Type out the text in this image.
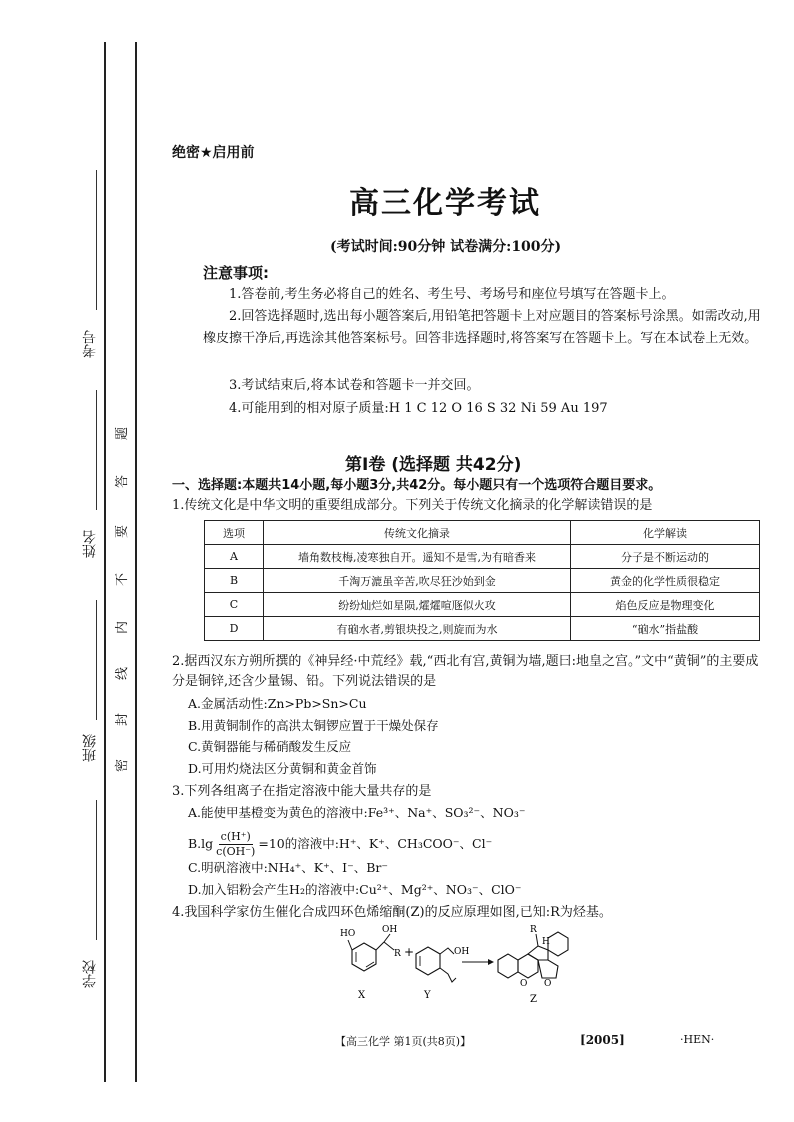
考号
姓名
班级
学校
题
答
要
不
内
线
封
密
绝密★启用前
高三化学考试
(考试时间:90分钟 试卷满分:100分)
注意事项:
1.答卷前,考生务必将自己的姓名、考生号、考场号和座位号填写在答题卡上。
2.回答选择题时,选出每小题答案后,用铅笔把答题卡上对应题目的答案标号涂黑。如需改动,用橡皮擦干净后,再选涂其他答案标号。回答非选择题时,将答案写在答题卡上。写在本试卷上无效。
3.考试结束后,将本试卷和答题卡一并交回。
4.可能用到的相对原子质量:H 1 C 12 O 16 S 32 Ni 59 Au 197
第Ⅰ卷 (选择题 共42分)
一、选择题:本题共14小题,每小题3分,共42分。每小题只有一个选项符合题目要求。
1.传统文化是中华文明的重要组成部分。下列关于传统文化摘录的化学解读错误的是
选项	传统文化摘录	化学解读
A	墙角数枝梅,凌寒独自开。遥知不是雪,为有暗香来	分子是不断运动的
B	千淘万漉虽辛苦,吹尽狂沙始到金	黄金的化学性质很稳定
C	纷纷灿烂如星陨,㸌㸌喧豗似火攻	焰色反应是物理变化
D	有硇水者,剪银块投之,则旋而为水	“硇水”指盐酸
2.据西汉东方朔所撰的《神异经·中荒经》载,“西北有宫,黄铜为墙,题曰:地皇之宫。”文中“黄铜”的主要成分是铜锌,还含少量锡、铅。下列说法错误的是
A.金属活动性:Zn>Pb>Sn>Cu
B.用黄铜制作的高洪太铜锣应置于干燥处保存
C.黄铜器能与稀硝酸发生反应
D.可用灼烧法区分黄铜和黄金首饰
3.下列各组离子在指定溶液中能大量共存的是
A.能使甲基橙变为黄色的溶液中:Fe³⁺、Na⁺、SO₃²⁻、NO₃⁻
$B.\lg \frac{c(H^+)}{c(OH^-)} =10$的溶液中:H⁺、K⁺、CH₃COO⁻、Cl⁻
C.明矾溶液中:NH₄⁺、K⁺、I⁻、Br⁻
D.加入铝粉会产生H₂的溶液中:Cu²⁺、Mg²⁺、NO₃⁻、ClO⁻
4.我国科学家仿生催化合成四环色烯缩酮(Z)的反应原理如图,已知:R为烃基。
HO	OH
R +	OH
R
H
O O
X	Y	Z
【高三化学 第1页(共8页)】	[2005]	·HEN·
